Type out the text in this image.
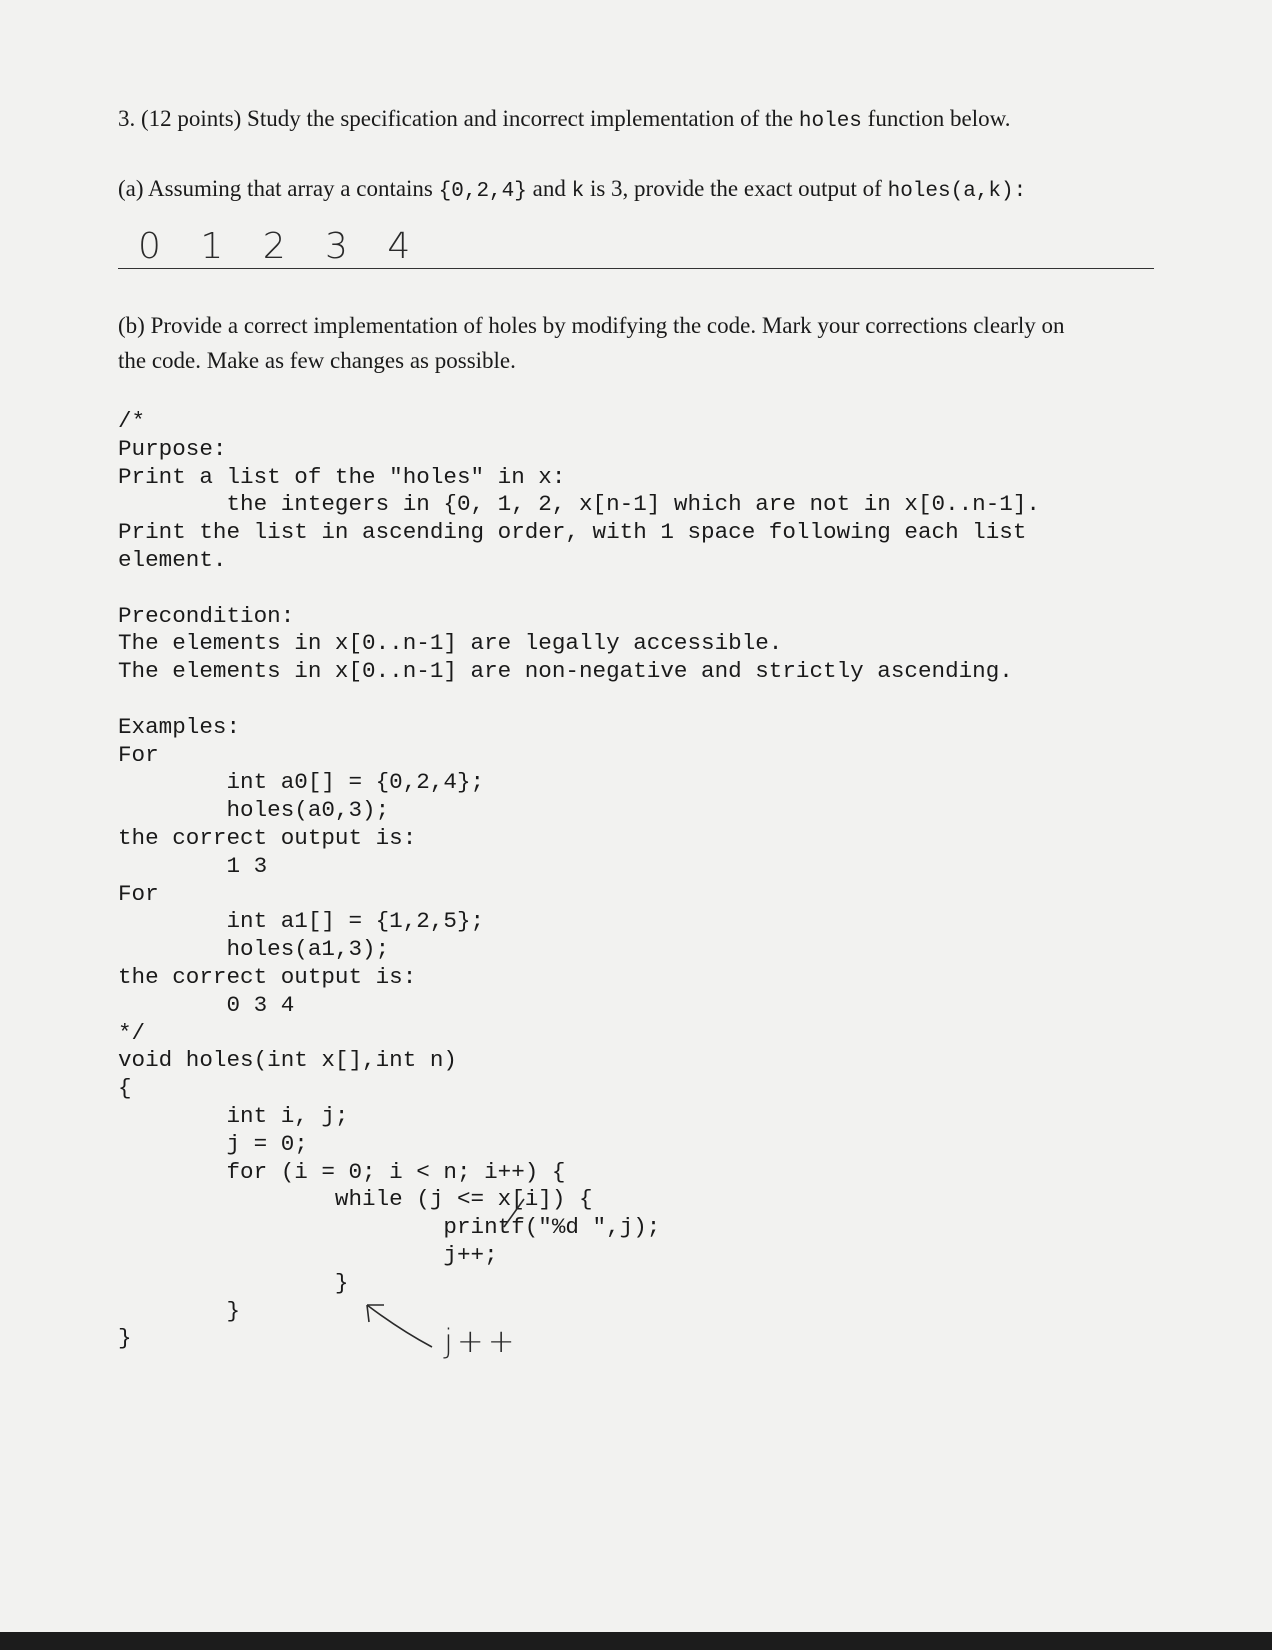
3. (12 points) Study the specification and incorrect implementation of the holes function below.
(a) Assuming that array a contains {0,2,4} and k is 3, provide the exact output of holes(a,k):
0 1 2 3 4
(b) Provide a correct implementation of holes by modifying the code. Mark your corrections clearly on
the code. Make as few changes as possible.
/*
Purpose:
Print a list of the "holes" in x:
the integers in {0, 1, 2, x[n-1] which are not in x[0..n-1].
Print the list in ascending order, with 1 space following each list
element.
Precondition:
The elements in x[0..n-1] are legally accessible.
The elements in x[0..n-1] are non-negative and strictly ascending.
Examples:
For
int a0[] = {0,2,4};
holes(a0,3);
the correct output is:
1 3
For
int a1[] = {1,2,5};
holes(a1,3);
the correct output is:
0 3 4
*/
void holes(int x[],int n)
{
int i, j;
j = 0;
for (i = 0; i < n; i++) {
while (j <= x[i]) {
printf("%d ",j);
j++;
}
}
}	j++
